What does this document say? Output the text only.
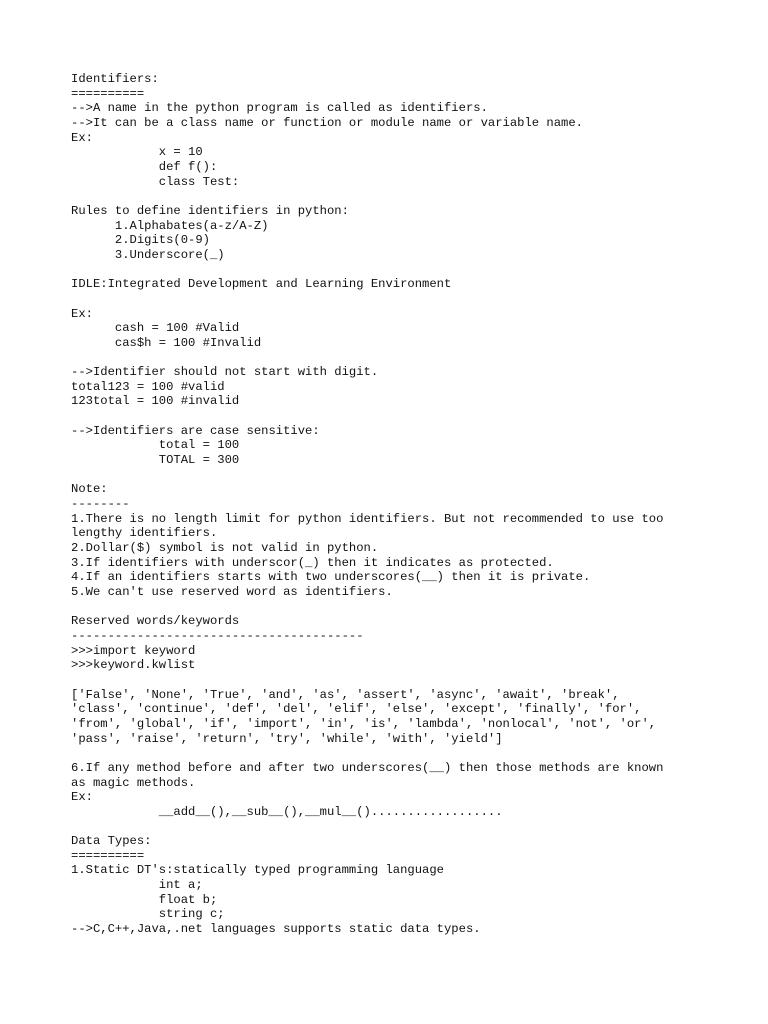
Identifiers:
==========
-->A name in the python program is called as identifiers.
-->It can be a class name or function or module name or variable name.
Ex:
x = 10
def f():
class Test:
Rules to define identifiers in python:
1.Alphabates(a-z/A-Z)
2.Digits(0-9)
3.Underscore(_)
IDLE:Integrated Development and Learning Environment
Ex:
cash = 100 #Valid
cas$h = 100 #Invalid
-->Identifier should not start with digit.
total123 = 100 #valid
123total = 100 #invalid
-->Identifiers are case sensitive:
total = 100
TOTAL = 300
Note:
--------
1.There is no length limit for python identifiers. But not recommended to use too
lengthy identifiers.
2.Dollar($) symbol is not valid in python.
3.If identifiers with underscor(_) then it indicates as protected.
4.If an identifiers starts with two underscores(__) then it is private.
5.We can't use reserved word as identifiers.
Reserved words/keywords
----------------------------------------
>>>import keyword
>>>keyword.kwlist
['False', 'None', 'True', 'and', 'as', 'assert', 'async', 'await', 'break',
'class', 'continue', 'def', 'del', 'elif', 'else', 'except', 'finally', 'for',
'from', 'global', 'if', 'import', 'in', 'is', 'lambda', 'nonlocal', 'not', 'or',
'pass', 'raise', 'return', 'try', 'while', 'with', 'yield']
6.If any method before and after two underscores(__) then those methods are known
as magic methods.
Ex:
__add__(),__sub__(),__mul__()..................
Data Types:
==========
1.Static DT's:statically typed programming language
int a;
float b;
string c;
-->C,C++,Java,.net languages supports static data types.
